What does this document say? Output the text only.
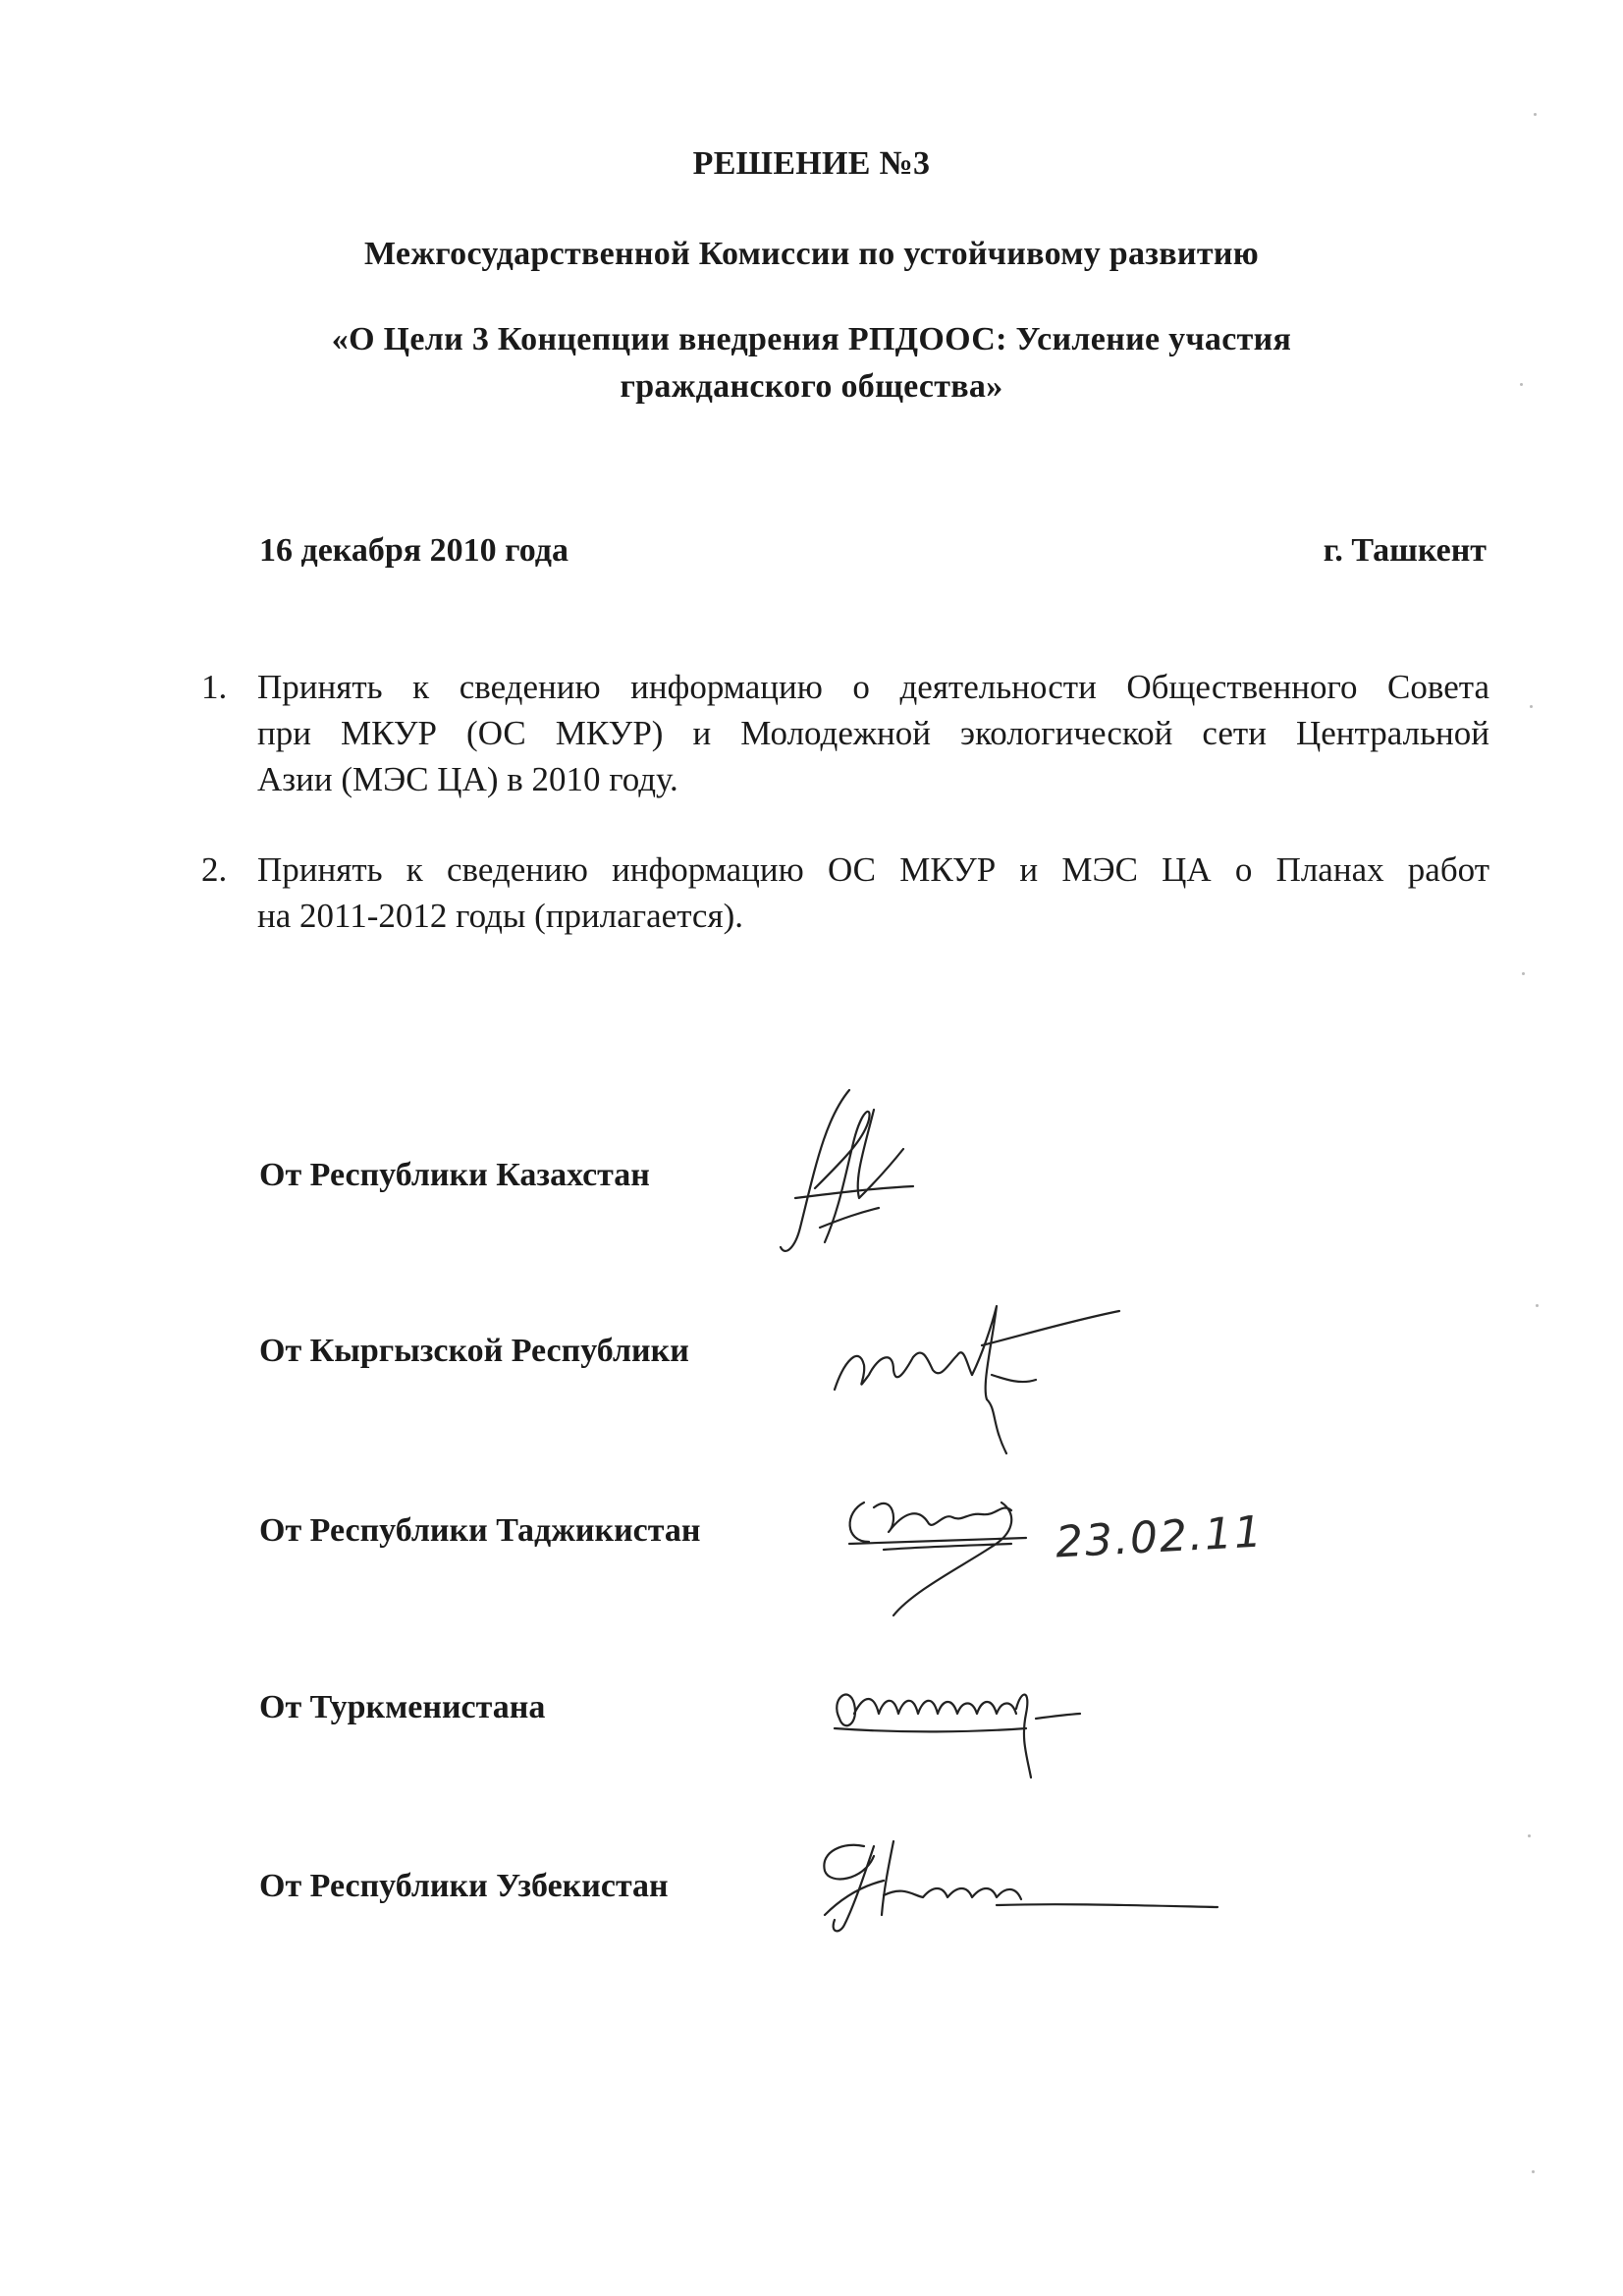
РЕШЕНИЕ №3
Межгосударственной Комиссии по устойчивому развитию
«О Цели 3 Концепции внедрения РПДООС: Усиление участия
гражданского общества»
16 декабря 2010 года	г. Ташкент
1. Принять к сведению информацию о деятельности Общественного Совета
при МКУР (ОС МКУР) и Молодежной экологической сети Центральной
Азии (МЭС ЦА) в 2010 году.
2. Принять к сведению информацию ОС МКУР и МЭС ЦА о Планах работ
на 2011-2012 годы (прилагается).
От Республики Казахстан
От Кыргызской Республики
От Республики Таджикистан	23.02.11
От Туркменистана
От Республики Узбекистан
